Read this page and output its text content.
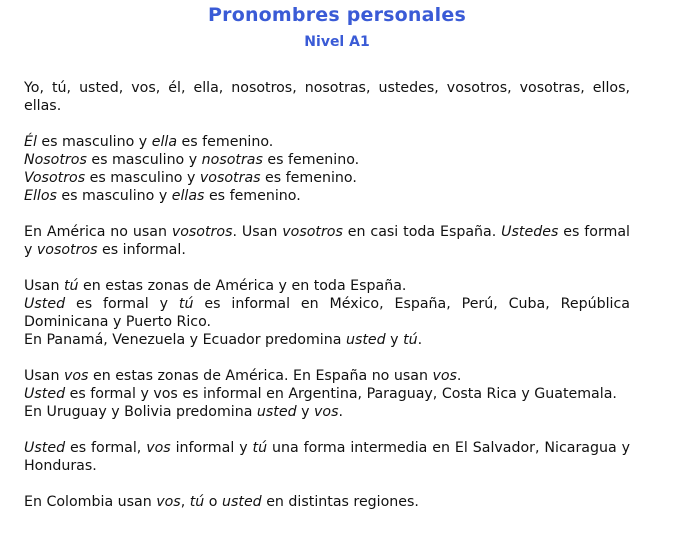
Pronombres personales
Nivel A1

Yo, tú, usted, vos, él, ella, nosotros, nosotras, ustedes, vosotros, vosotras, ellos, ellas.

Él es masculino y ella es femenino.
Nosotros es masculino y nosotras es femenino.
Vosotros es masculino y vosotras es femenino.
Ellos es masculino y ellas es femenino.

En América no usan vosotros. Usan vosotros en casi toda España. Ustedes es formal y vosotros es informal.

Usan tú en estas zonas de América y en toda España.
Usted es formal y tú es informal en México, España, Perú, Cuba, República Dominicana y Puerto Rico.
En Panamá, Venezuela y Ecuador predomina usted y tú.

Usan vos en estas zonas de América. En España no usan vos.
Usted es formal y vos es informal en Argentina, Paraguay, Costa Rica y Guatemala.
En Uruguay y Bolivia predomina usted y vos.

Usted es formal, vos informal y tú una forma intermedia en El Salvador, Nicaragua y Honduras.

En Colombia usan vos, tú o usted en distintas regiones.
